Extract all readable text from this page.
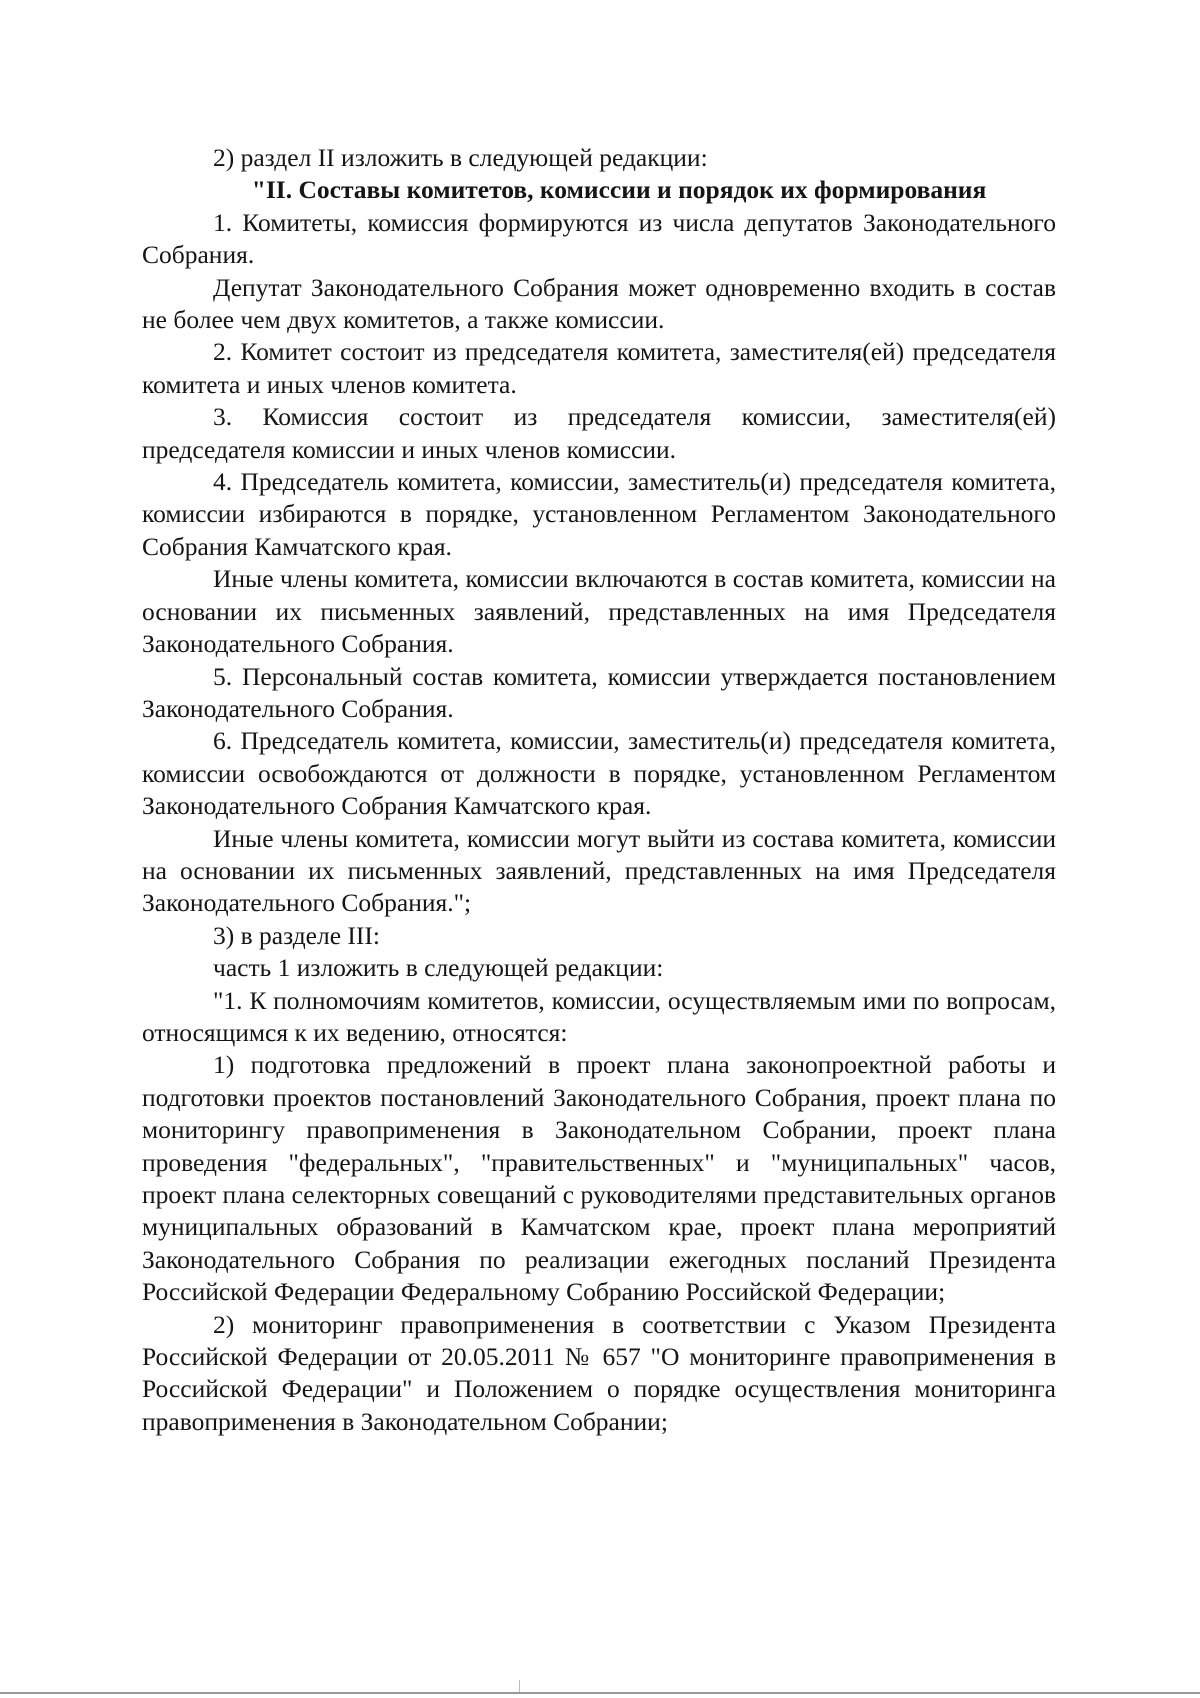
2) раздел II изложить в следующей редакции:

"II. Составы комитетов, комиссии и порядок их формирования

1. Комитеты, комиссия формируются из числа депутатов Законодательного Собрания.

Депутат Законодательного Собрания может одновременно входить в состав не более чем двух комитетов, а также комиссии.

2. Комитет состоит из председателя комитета, заместителя(ей) председателя комитета и иных членов комитета.

3. Комиссия состоит из председателя комиссии, заместителя(ей) председателя комиссии и иных членов комиссии.

4. Председатель комитета, комиссии, заместитель(и) председателя комитета, комиссии избираются в порядке, установленном Регламентом Законодательного Собрания Камчатского края.

Иные члены комитета, комиссии включаются в состав комитета, комиссии на основании их письменных заявлений, представленных на имя Председателя Законодательного Собрания.

5. Персональный состав комитета, комиссии утверждается постановлением Законодательного Собрания.

6. Председатель комитета, комиссии, заместитель(и) председателя комитета, комиссии освобождаются от должности в порядке, установленном Регламентом Законодательного Собрания Камчатского края.

Иные члены комитета, комиссии могут выйти из состава комитета, комиссии на основании их письменных заявлений, представленных на имя Председателя Законодательного Собрания.";

3) в разделе III:

часть 1 изложить в следующей редакции:

"1. К полномочиям комитетов, комиссии, осуществляемым ими по вопросам, относящимся к их ведению, относятся:

1) подготовка предложений в проект плана законопроектной работы и подготовки проектов постановлений Законодательного Собрания, проект плана по мониторингу правоприменения в Законодательном Собрании, проект плана проведения "федеральных", "правительственных" и "муниципальных" часов, проект плана селекторных совещаний с руководителями представительных органов муниципальных образований в Камчатском крае, проект плана мероприятий Законодательного Собрания по реализации ежегодных посланий Президента Российской Федерации Федеральному Собранию Российской Федерации;

2) мониторинг правоприменения в соответствии с Указом Президента Российской Федерации от 20.05.2011 № 657 "О мониторинге правоприменения в Российской Федерации" и Положением о порядке осуществления мониторинга правоприменения в Законодательном Собрании;
